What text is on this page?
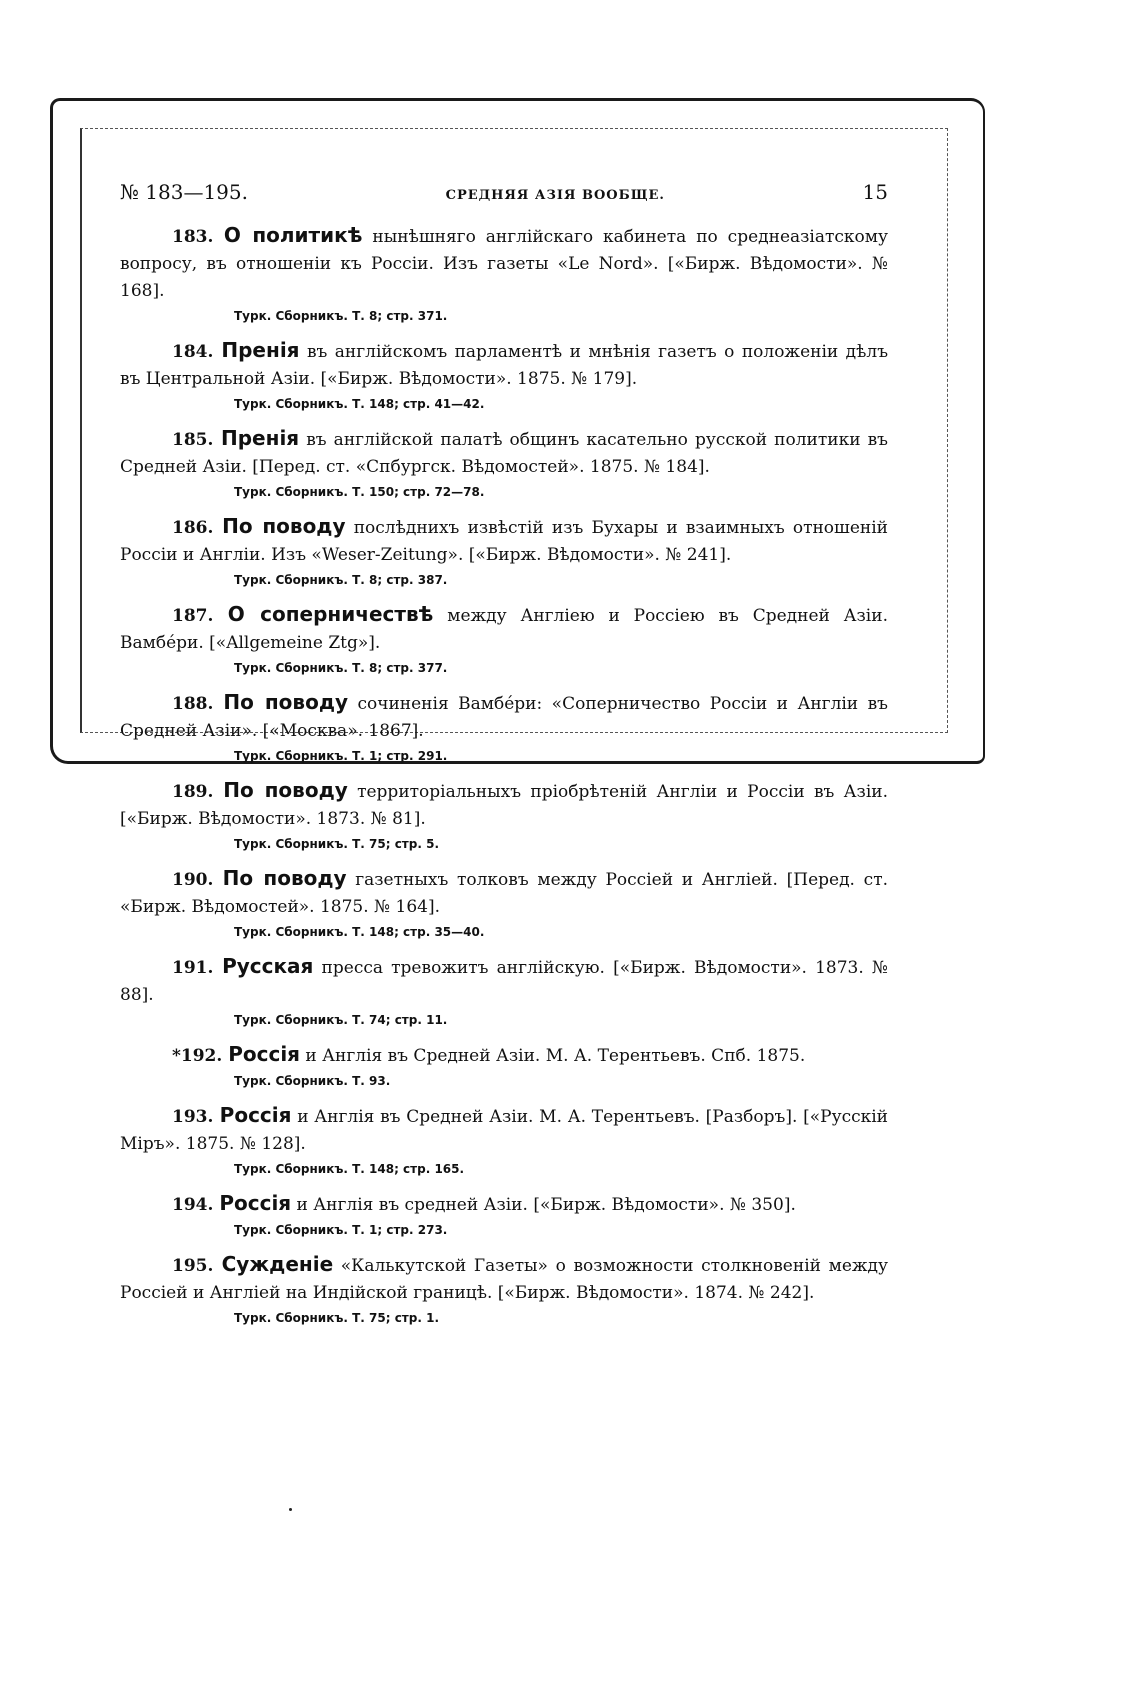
№ 183—195.	СРЕДНЯЯ АЗІЯ ВООБЩЕ.	15

183. О политикѣ нынѣшняго англійскаго кабинета по среднеазіатскому вопросу, въ отношеніи къ Россіи. Изъ газеты «Le Nord». [«Бирж. Вѣдомости». № 168].

Турк. Сборникъ. Т. 8; стр. 371.

184. Пренія въ англійскомъ парламентѣ и мнѣнія газетъ о положеніи дѣлъ въ Центральной Азіи. [«Бирж. Вѣдомости». 1875. № 179].

Турк. Сборникъ. Т. 148; стр. 41—42.

185. Пренія въ англійской палатѣ общинъ касательно русской политики въ Средней Азіи. [Перед. ст. «Спбургск. Вѣдомостей». 1875. № 184].

Турк. Сборникъ. Т. 150; стр. 72—78.

186. По поводу послѣднихъ извѣстій изъ Бухары и взаимныхъ отношеній Россіи и Англіи. Изъ «Weser-Zeitung». [«Бирж. Вѣдомости». № 241].

Турк. Сборникъ. Т. 8; стр. 387.

187. О соперничествѣ между Англіею и Россіею въ Средней Азіи. Вамбéри. [«Allgemeine Ztg»].

Турк. Сборникъ. Т. 8; стр. 377.

188. По поводу сочиненія Вамбéри: «Соперничество Россіи и Англіи въ Средней Азіи». [«Москва». 1867].

Турк. Сборникъ. Т. 1; стр. 291.

189. По поводу территоріальныхъ пріобрѣтеній Англіи и Россіи въ Азіи. [«Бирж. Вѣдомости». 1873. № 81].

Турк. Сборникъ. Т. 75; стр. 5.

190. По поводу газетныхъ толковъ между Россіей и Англіей. [Перед. ст. «Бирж. Вѣдомостей». 1875. № 164].

Турк. Сборникъ. Т. 148; стр. 35—40.

191. Русская пресса тревожитъ англійскую. [«Бирж. Вѣдомости». 1873. № 88].

Турк. Сборникъ. Т. 74; стр. 11.

*192. Россія и Англія въ Средней Азіи. М. А. Терентьевъ. Спб. 1875.

Турк. Сборникъ. Т. 93.

193. Россія и Англія въ Средней Азіи. М. А. Терентьевъ. [Разборъ]. [«Русскій Міръ». 1875. № 128].

Турк. Сборникъ. Т. 148; стр. 165.

194. Россія и Англія въ средней Азіи. [«Бирж. Вѣдомости». № 350].

Турк. Сборникъ. Т. 1; стр. 273.

195. Сужденіе «Калькутской Газеты» о возможности столкновеній между Россіей и Англіей на Индійской границѣ. [«Бирж. Вѣдомости». 1874. № 242].

Турк. Сборникъ. Т. 75; стр. 1.
